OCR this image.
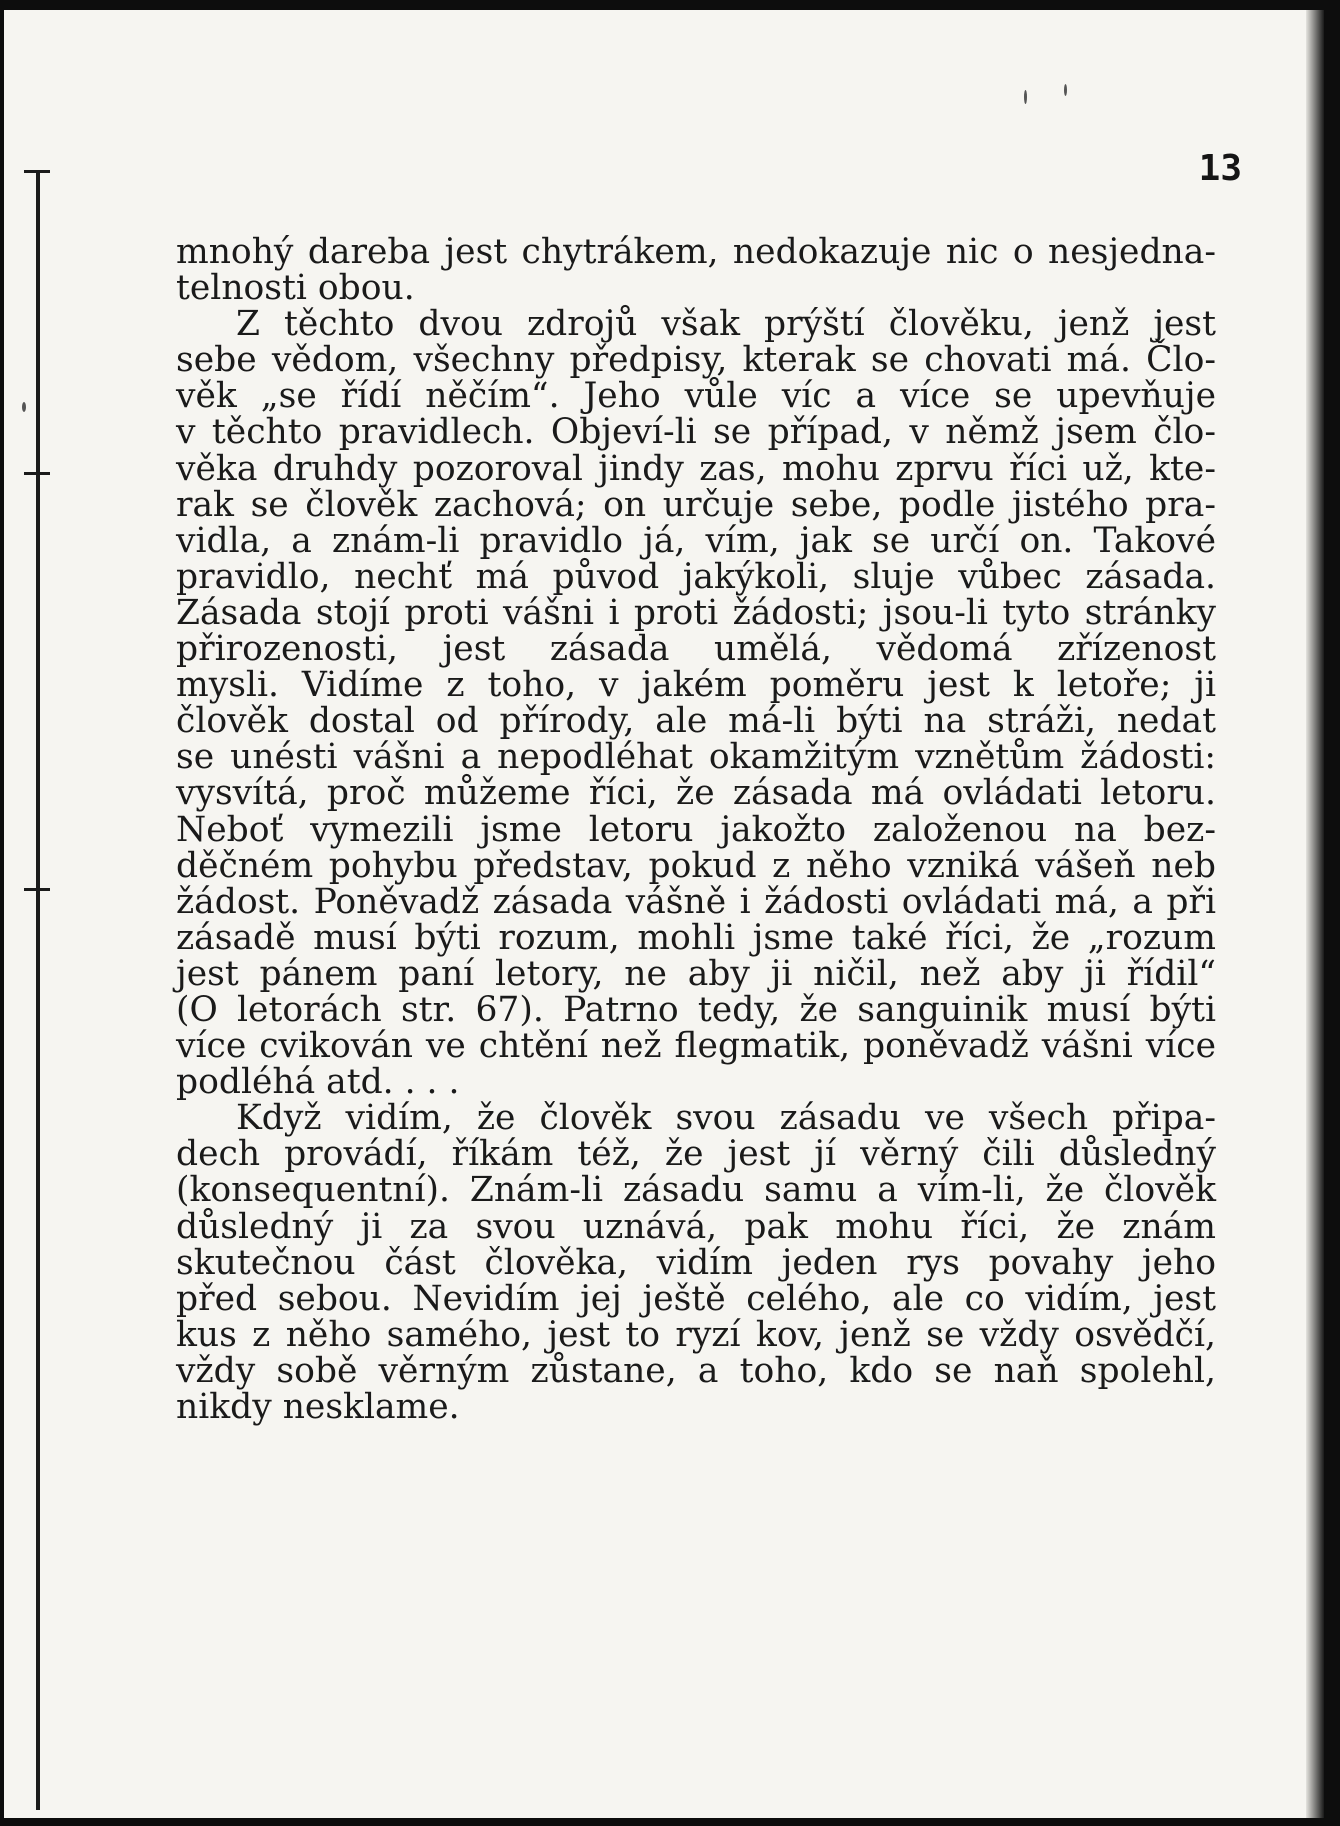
13
mnohý dareba jest chytrákem, nedokazuje nic o nesjedna-
telnosti obou.
Z těchto dvou zdrojů však prýští člověku, jenž jest
sebe vědom, všechny předpisy, kterak se chovati má. Člo-
věk „se řídí něčím“. Jeho vůle víc a více se upevňuje
v těchto pravidlech. Objeví-li se případ, v němž jsem člo-
věka druhdy pozoroval jindy zas, mohu zprvu říci už, kte-
rak se člověk zachová; on určuje sebe, podle jistého pra-
vidla, a znám-li pravidlo já, vím, jak se určí on. Takové
pravidlo, nechť má původ jakýkoli, sluje vůbec zásada.
Zásada stojí proti vášni i proti žádosti; jsou-li tyto stránky
přirozenosti, jest zásada umělá, vědomá zřízenost
mysli. Vidíme z toho, v jakém poměru jest k letoře; ji
člověk dostal od přírody, ale má-li býti na stráži, nedat
se unésti vášni a nepodléhat okamžitým vznětům žádosti:
vysvítá, proč můžeme říci, že zásada má ovládati letoru.
Neboť vymezili jsme letoru jakožto založenou na bez-
děčném pohybu představ, pokud z něho vzniká vášeň neb
žádost. Poněvadž zásada vášně i žádosti ovládati má, a při
zásadě musí býti rozum, mohli jsme také říci, že „rozum
jest pánem paní letory, ne aby ji ničil, než aby ji řídil“
(O letorách str. 67). Patrno tedy, že sanguinik musí býti
více cvikován ve chtění než flegmatik, poněvadž vášni více
podléhá atd. . . .
Když vidím, že člověk svou zásadu ve všech připa-
dech provádí, říkám též, že jest jí věrný čili důsledný
(konsequentní). Znám-li zásadu samu a vím-li, že člověk
důsledný ji za svou uznává, pak mohu říci, že znám
skutečnou část člověka, vidím jeden rys povahy jeho
před sebou. Nevidím jej ještě celého, ale co vidím, jest
kus z něho samého, jest to ryzí kov, jenž se vždy osvědčí,
vždy sobě věrným zůstane, a toho, kdo se naň spolehl,
nikdy nesklame.
